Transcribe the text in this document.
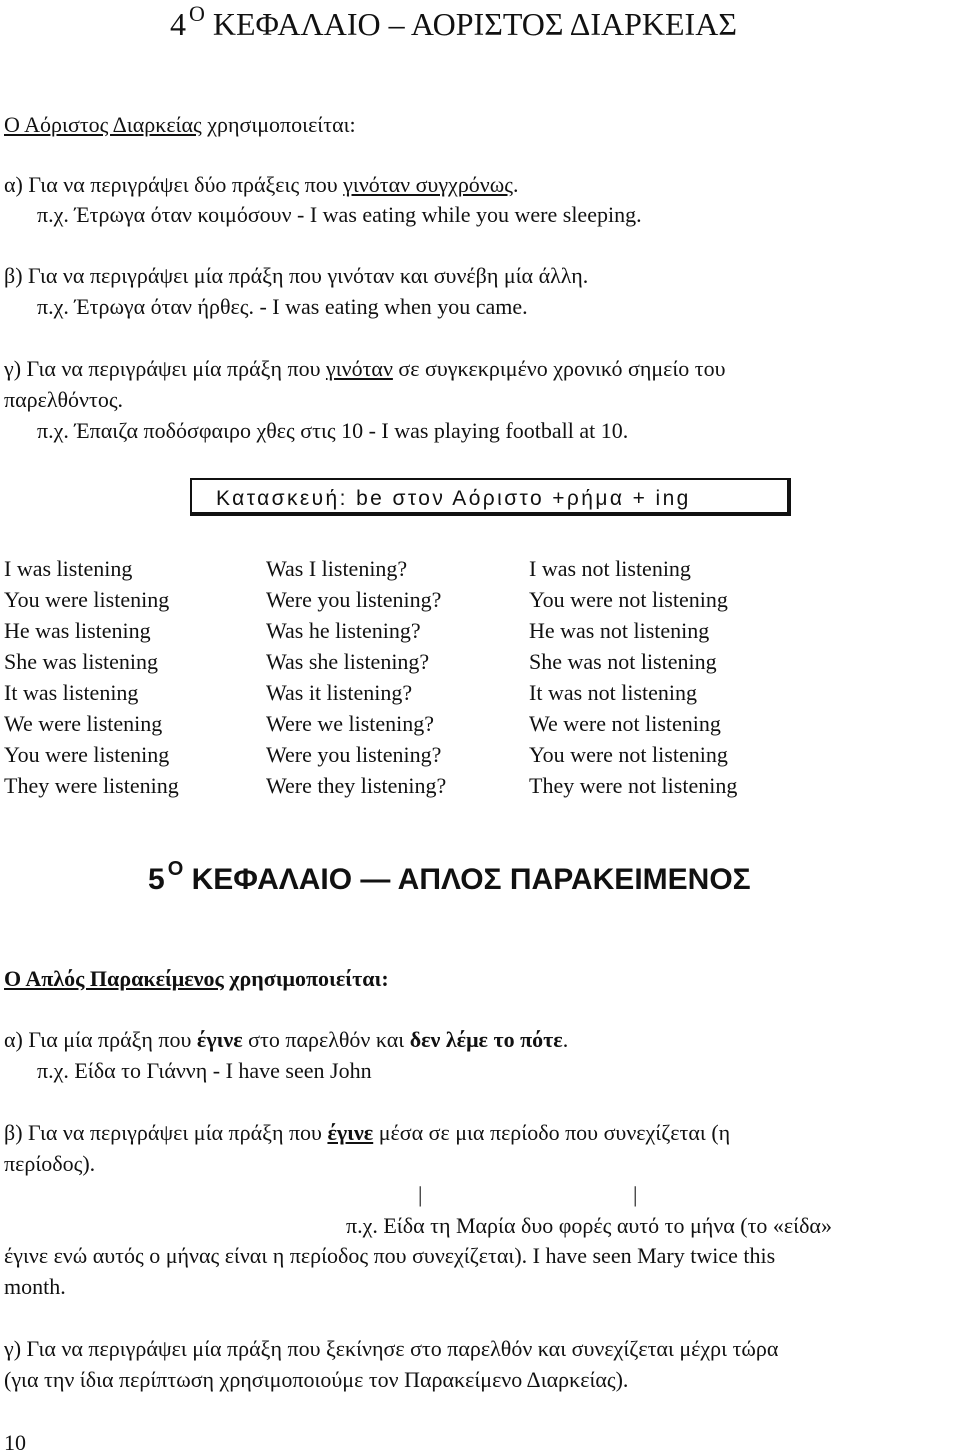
4 $^O$ ΚΕΦΑΛΑΙΟ – ΑΟΡΙΣΤΟΣ ΔΙΑΡΚΕΙΑΣ
Ο Αόριστος Διαρκείας χρησιμοποιείται:
α) Για να περιγράψει δύο πράξεις που γινόταν συγχρόνως.
π.χ. Έτρωγα όταν κοιμόσουν - I was eating while you were sleeping.
β) Για να περιγράψει μία πράξη που γινόταν και συνέβη μία άλλη.
π.χ. Έτρωγα όταν ήρθες. - I was eating when you came.
γ) Για να περιγράψει μία πράξη που γινόταν σε συγκεκριμένο χρονικό σημείο του
παρελθόντος.
π.χ. Έπαιζα ποδόσφαιρο χθες στις 10 - I was playing football at 10.
Κατασκευή: be στον Αόριστο +ρήμα + ing
I was listening
You were listening
He was listening
She was listening
It was listening
We were listening
You were listening
They were listening
Was I listening?
Were you listening?
Was he listening?
Was she listening?
Was it listening?
Were we listening?
Were you listening?
Were they listening?
I was not listening
You were not listening
He was not listening
She was not listening
It was not listening
We were not listening
You were not listening
They were not listening
5 $^O$ ΚΕΦΑΛΑΙΟ — ΑΠΛΟΣ ΠΑΡΑΚΕΙΜΕΝΟΣ
Ο Απλός Παρακείμενος χρησιμοποιείται:
α) Για μία πράξη που έγινε στο παρελθόν και δεν λέμε το πότε.
π.χ. Είδα το Γιάννη - I have seen John
β) Για να περιγράψει μία πράξη που έγινε μέσα σε μια περίοδο που συνεχίζεται (η
περίοδος).
|	|
π.χ. Είδα τη Μαρία δυο φορές αυτό το μήνα (το «είδα»
έγινε ενώ αυτός ο μήνας είναι η περίοδος που συνεχίζεται). I have seen Mary twice this
month.
γ) Για να περιγράψει μία πράξη που ξεκίνησε στο παρελθόν και συνεχίζεται μέχρι τώρα
(για την ίδια περίπτωση χρησιμοποιούμε τον Παρακείμενο Διαρκείας).
10
